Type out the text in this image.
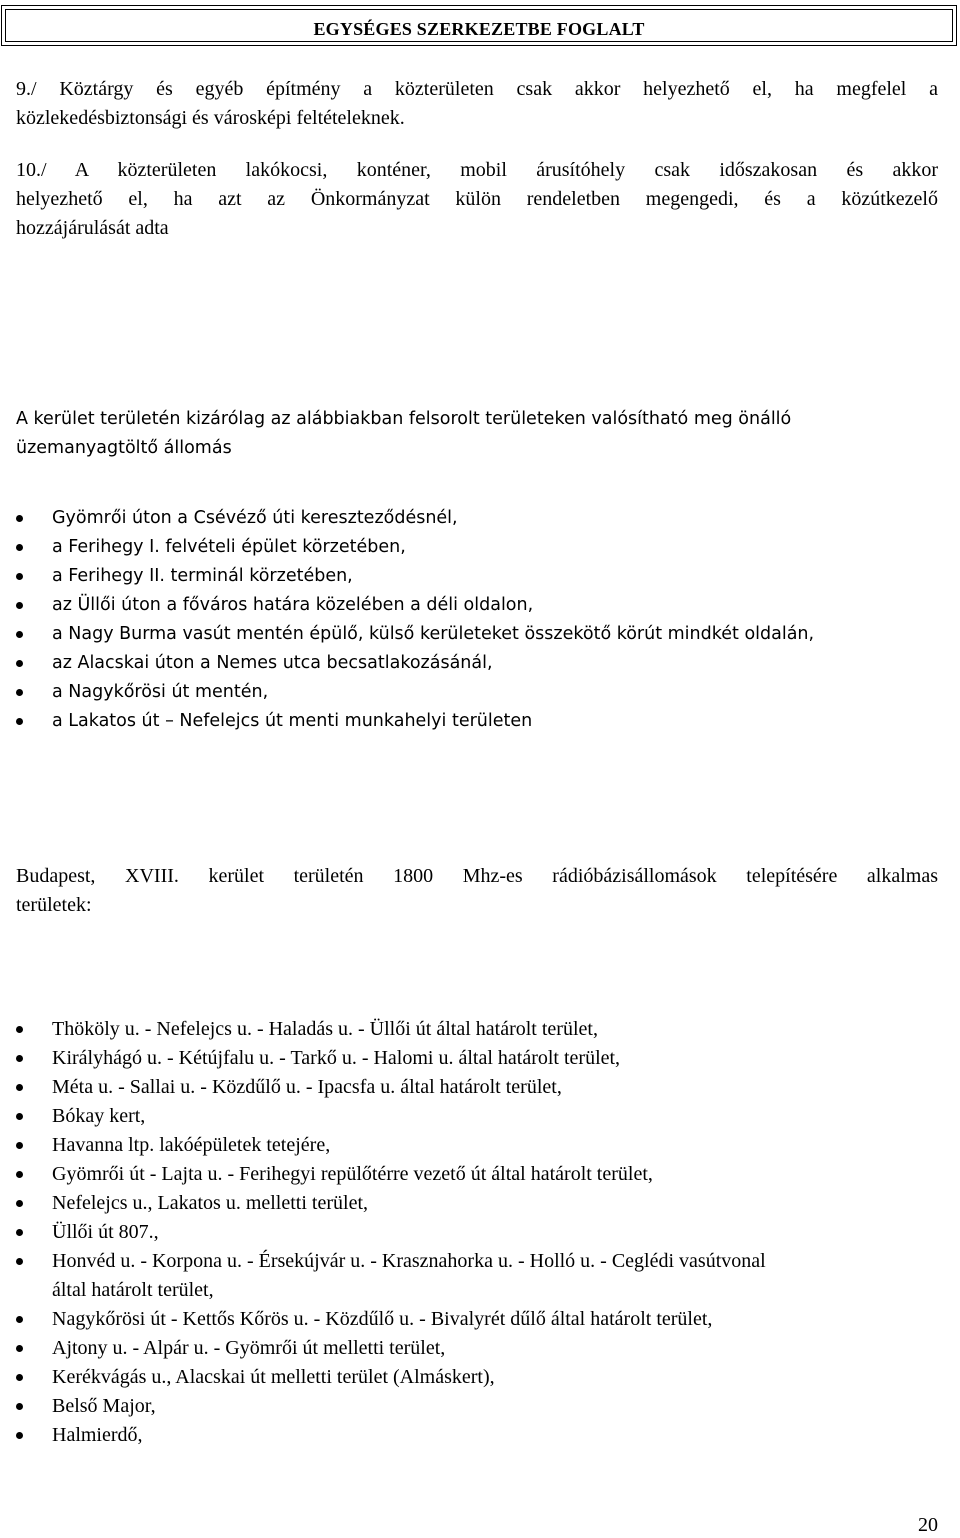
EGYSÉGES SZERKEZETBE FOGLALT

9./ Köztárgy és egyéb építmény a közterületen csak akkor helyezhető el, ha megfelel a
közlekedésbiztonsági és városképi feltételeknek.

10./ A közterületen lakókocsi, konténer, mobil árusítóhely csak időszakosan és akkor
helyezhető el, ha azt az Önkormányzat külön rendeletben megengedi, és a közútkezelő
hozzájárulását adta

A kerület területén kizárólag az alábbiakban felsorolt területeken valósítható meg önálló
üzemanyagtöltő állomás

Gyömrői úton a Csévéző úti kereszteződésnél,
a Ferihegy I. felvételi épület körzetében,
a Ferihegy II. terminál körzetében,
az Üllői úton a főváros határa közelében a déli oldalon,
a Nagy Burma vasút mentén épülő, külső kerületeket összekötő körút mindkét oldalán,
az Alacskai úton a Nemes utca becsatlakozásánál,
a Nagykőrösi út mentén,
a Lakatos út – Nefelejcs út menti munkahelyi területen

Budapest, XVIII. kerület területén 1800 Mhz-es rádióbázisállomások telepítésére alkalmas
területek:

Thököly u. - Nefelejcs u. - Haladás u. - Üllői út által határolt terület,
Királyhágó u. - Kétújfalu u. - Tarkő u. - Halomi u. által határolt terület,
Méta u. - Sallai u. - Közdűlő u. - Ipacsfa u. által határolt terület,
Bókay kert,
Havanna ltp. lakóépületek tetejére,
Gyömrői út - Lajta u. - Ferihegyi repülőtérre vezető út által határolt terület,
Nefelejcs u., Lakatos u. melletti terület,
Üllői út 807.,
Honvéd u. - Korpona u. - Érsekújvár u. - Krasznahorka u. - Holló u. - Ceglédi vasútvonal
által határolt terület,
Nagykőrösi út - Kettős Kőrös u. - Közdűlő u. - Bivalyrét dűlő által határolt terület,
Ajtony u. - Alpár u. - Gyömrői út melletti terület,
Kerékvágás u., Alacskai út melletti terület (Almáskert),
Belső Major,
Halmierdő,
20
